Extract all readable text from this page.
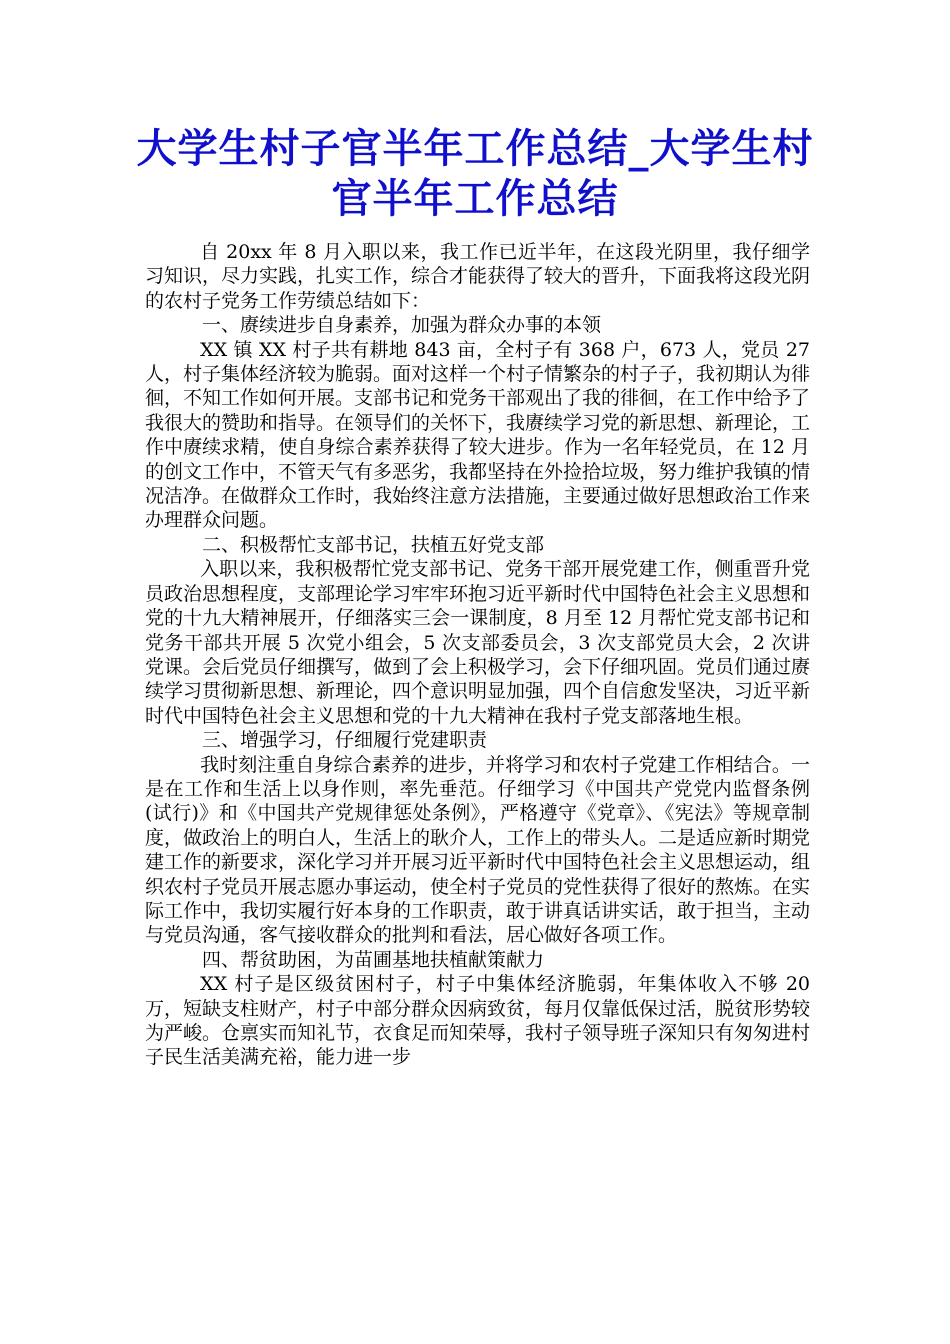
大学生村子官半年工作总结_大学生村官半年工作总结

自 20xx 年 8 月入职以来，我工作已近半年，在这段光阴里，我仔细学习知识，尽力实践，扎实工作，综合才能获得了较大的晋升，下面我将这段光阴的农村子党务工作劳绩总结如下：

一、赓续进步自身素养，加强为群众办事的本领

XX 镇 XX 村子共有耕地 843 亩，全村子有 368 户，673 人，党员 27 人，村子集体经济较为脆弱。面对这样一个村子情繁杂的村子子，我初期认为徘徊，不知工作如何开展。支部书记和党务干部观出了我的徘徊，在工作中给予了我很大的赞助和指导。在领导们的关怀下，我赓续学习党的新思想、新理论，工作中赓续求精，使自身综合素养获得了较大进步。作为一名年轻党员，在 12 月的创文工作中，不管天气有多恶劣，我都坚持在外捡拾垃圾，努力维护我镇的情况洁净。在做群众工作时，我始终注意方法措施，主要通过做好思想政治工作来办理群众问题。

二、积极帮忙支部书记，扶植五好党支部

入职以来，我积极帮忙党支部书记、党务干部开展党建工作，侧重晋升党员政治思想程度，支部理论学习牢牢环抱习近平新时代中国特色社会主义思想和党的十九大精神展开，仔细落实三会一课制度，8 月至 12 月帮忙党支部书记和党务干部共开展 5 次党小组会，5 次支部委员会，3 次支部党员大会，2 次讲党课。会后党员仔细撰写，做到了会上积极学习，会下仔细巩固。党员们通过赓续学习贯彻新思想、新理论，四个意识明显加强，四个自信愈发坚决，习近平新时代中国特色社会主义思想和党的十九大精神在我村子党支部落地生根。

三、增强学习，仔细履行党建职责

我时刻注重自身综合素养的进步，并将学习和农村子党建工作相结合。一是在工作和生活上以身作则，率先垂范。仔细学习《中国共产党党内监督条例(试行)》和《中国共产党规律惩处条例》，严格遵守《党章》、《宪法》等规章制度，做政治上的明白人，生活上的耿介人，工作上的带头人。二是适应新时期党建工作的新要求，深化学习并开展习近平新时代中国特色社会主义思想运动，组织农村子党员开展志愿办事运动，使全村子党员的党性获得了很好的熬炼。在实际工作中，我切实履行好本身的工作职责，敢于讲真话讲实话，敢于担当，主动与党员沟通，客气接收群众的批判和看法，居心做好各项工作。

四、帮贫助困，为苗圃基地扶植献策献力

XX 村子是区级贫困村子，村子中集体经济脆弱，年集体收入不够 20 万，短缺支柱财产，村子中部分群众因病致贫，每月仅靠低保过活，脱贫形势较为严峻。仓禀实而知礼节，衣食足而知荣辱，我村子领导班子深知只有匆匆进村子民生活美满充裕，能力进一步
